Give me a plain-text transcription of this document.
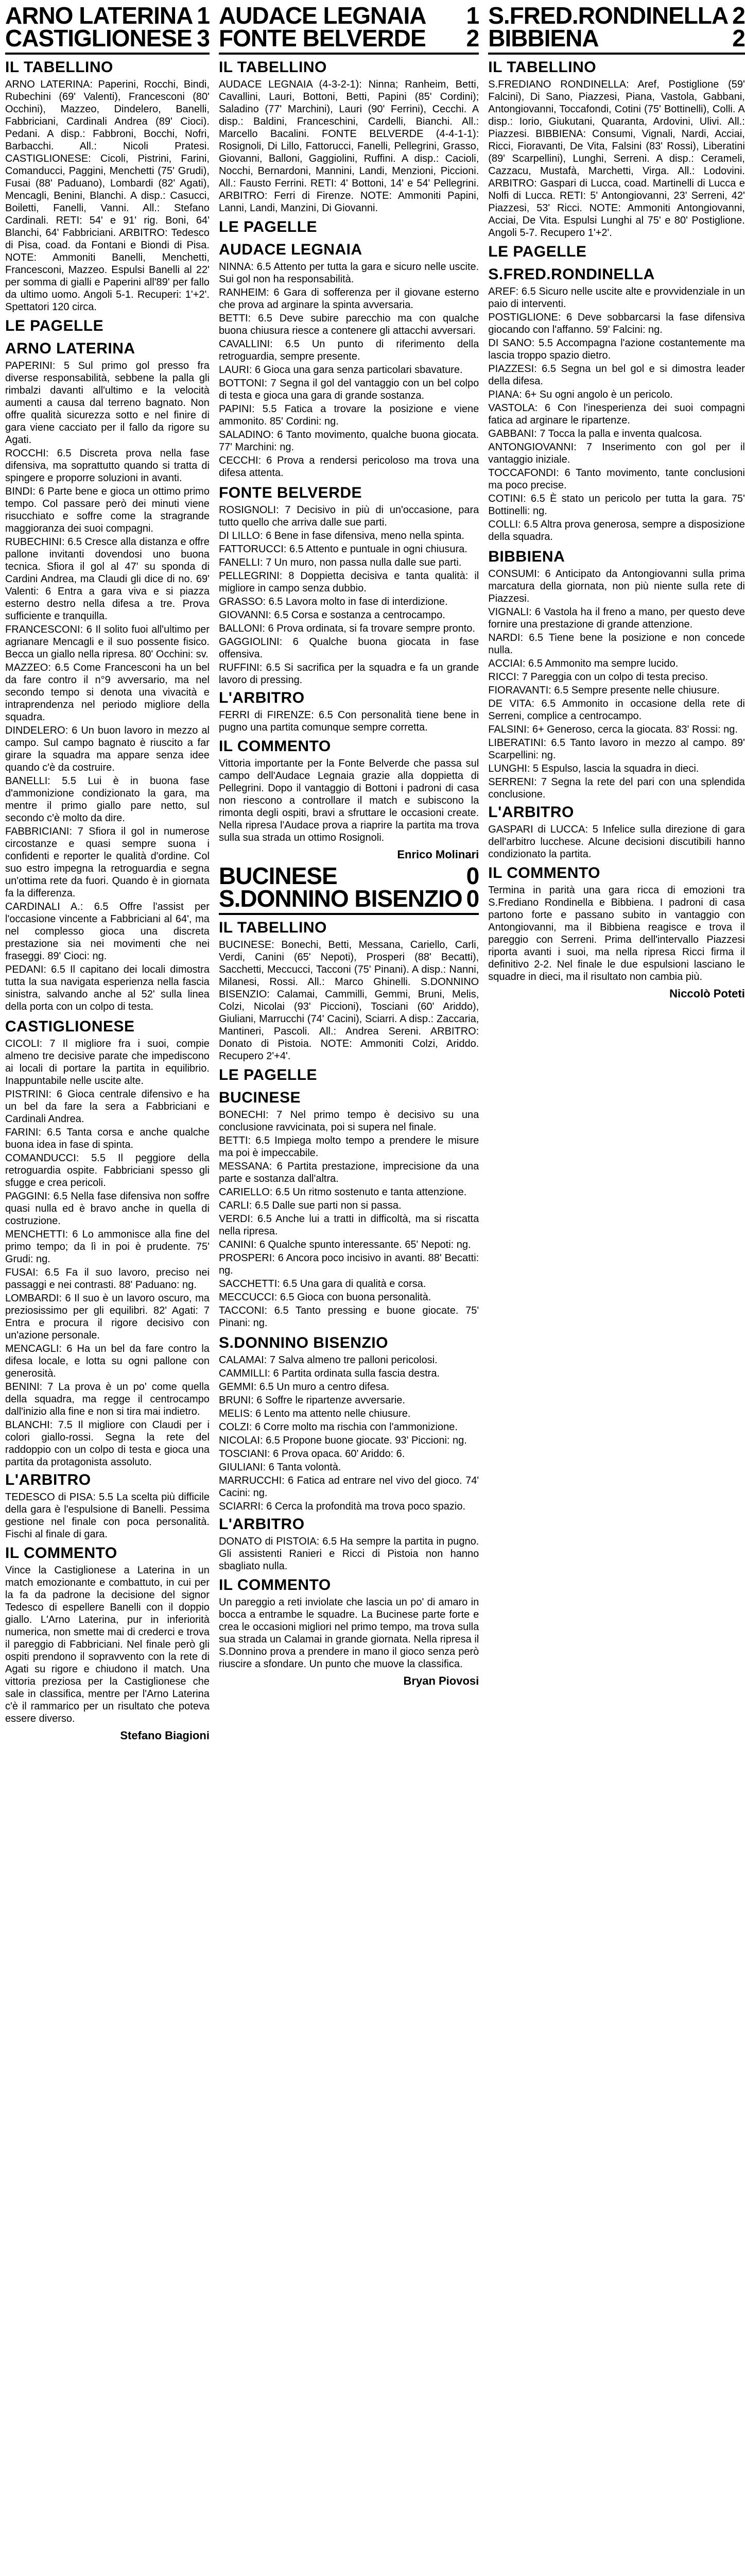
ARNO LATERINA 1
CASTIGLIONESE 3
IL TABELLINO

ARNO LATERINA: Paperini, Rocchi, Bindi, Rubechini (69' Valenti), Francesconi (80' Occhini), Mazzeo, Dindelero, Banelli, Fabbriciani, Cardinali Andrea (89' Cioci). Pedani. A disp.: Fabbroni, Bocchi, Nofri, Barbacchi. All.: Nicoli Pratesi. CASTIGLIONESE: Cicoli, Pistrini, Farini, Comanducci, Paggini, Menchetti (75' Grudi), Fusai (88' Paduano), Lombardi (82' Agati), Mencagli, Benini, Blanchi. A disp.: Casucci, Boiletti, Fanelli, Vanni. All.: Stefano Cardinali. RETI: 54' e 91' rig. Boni, 64' Blanchi, 64' Fabbriciani. ARBITRO: Tedesco di Pisa, coad. da Fontani e Biondi di Pisa. NOTE: Ammoniti Banelli, Menchetti, Francesconi, Mazzeo. Espulsi Banelli al 22' per somma di gialli e Paperini all'89' per fallo da ultimo uomo. Angoli 5-1. Recuperi: 1'+2'. Spettatori 120 circa.

LE PAGELLE
ARNO LATERINA

PAPERINI: 5 Sul primo gol presso fra diverse responsabilità, sebbene la palla gli rimbalzi davanti all'ultimo e la velocità aumenti a causa dal terreno bagnato. Non offre qualità sicurezza sotto e nel finire di gara viene cacciato per il fallo da rigore su Agati.

ROCCHI: 6.5 Discreta prova nella fase difensiva, ma soprattutto quando si tratta di spingere e proporre soluzioni in avanti.

BINDI: 6 Parte bene e gioca un ottimo primo tempo. Col passare però dei minuti viene risucchiato e soffre come la stragrande maggioranza dei suoi compagni.

RUBECHINI: 6.5 Cresce alla distanza e offre pallone invitanti dovendosi uno buona tecnica. Sfiora il gol al 47' su sponda di Cardini Andrea, ma Claudi gli dice di no. 69' Valenti: 6 Entra a gara viva e si piazza esterno destro nella difesa a tre. Prova sufficiente e tranquilla.

FRANCESCONI: 6 Il solito fuoi all'ultimo per agrianare Mencagli e il suo possente fisico. Becca un giallo nella ripresa. 80' Occhini: sv.

MAZZEO: 6.5 Come Francesconi ha un bel da fare contro il n°9 avversario, ma nel secondo tempo si denota una vivacità e intraprendenza nel periodo migliore della squadra.

DINDELERO: 6 Un buon lavoro in mezzo al campo. Sul campo bagnato è riuscito a far girare la squadra ma appare senza idee quando c'è da costruire.

BANELLI: 5.5 Lui è in buona fase d'ammonizione condizionato la gara, ma mentre il primo giallo pare netto, sul secondo c'è molto da dire.

FABBRICIANI: 7 Sfiora il gol in numerose circostanze e quasi sempre suona i confidenti e reporter le qualità d'ordine. Col suo estro impegna la retroguardia e segna un'ottima rete da fuori. Quando è in giornata fa la differenza.

CARDINALI A.: 6.5 Offre l'assist per l'occasione vincente a Fabbriciani al 64', ma nel complesso gioca una discreta prestazione sia nei movimenti che nei fraseggi. 89' Cioci: ng.

PEDANI: 6.5 Il capitano dei locali dimostra tutta la sua navigata esperienza nella fascia sinistra, salvando anche al 52' sulla linea della porta con un colpo di testa.

CASTIGLIONESE

CICOLI: 7 Il migliore fra i suoi, compie almeno tre decisive parate che impediscono ai locali di portare la partita in equilibrio. Inappuntabile nelle uscite alte.

PISTRINI: 6 Gioca centrale difensivo e ha un bel da fare la sera a Fabbriciani e Cardinali Andrea.

FARINI: 6.5 Tanta corsa e anche qualche buona idea in fase di spinta.

COMANDUCCI: 5.5 Il peggiore della retroguardia ospite. Fabbriciani spesso gli sfugge e crea pericoli.

PAGGINI: 6.5 Nella fase difensiva non soffre quasi nulla ed è bravo anche in quella di costruzione.

MENCHETTI: 6 Lo ammonisce alla fine del primo tempo; da lì in poi è prudente. 75' Grudi: ng.

FUSAI: 6.5 Fa il suo lavoro, preciso nei passaggi e nei contrasti. 88' Paduano: ng.

LOMBARDI: 6 Il suo è un lavoro oscuro, ma preziosissimo per gli equilibri. 82' Agati: 7 Entra e procura il rigore decisivo con un'azione personale.

MENCAGLI: 6 Ha un bel da fare contro la difesa locale, e lotta su ogni pallone con generosità.

BENINI: 7 La prova è un po' come quella della squadra, ma regge il centrocampo dall'inizio alla fine e non si tira mai indietro.

BLANCHI: 7.5 Il migliore con Claudi per i colori giallo-rossi. Segna la rete del raddoppio con un colpo di testa e gioca una partita da protagonista assoluto.

L'ARBITRO

TEDESCO di PISA: 5.5 La scelta più difficile della gara è l'espulsione di Banelli. Pessima gestione nel finale con poca personalità. Fischi al finale di gara.

IL COMMENTO

Vince la Castiglionese a Laterina in un match emozionante e combattuto, in cui per la fa da padrone la decisione del signor Tedesco di espellere Banelli con il doppio giallo. L'Arno Laterina, pur in inferiorità numerica, non smette mai di crederci e trova il pareggio di Fabbriciani. Nel finale però gli ospiti prendono il sopravvento con la rete di Agati su rigore e chiudono il match. Una vittoria preziosa per la Castiglionese che sale in classifica, mentre per l'Arno Laterina c'è il rammarico per un risultato che poteva essere diverso.

Stefano Biagioni
AUDACE LEGNAIA 1
FONTE BELVERDE 2
IL TABELLINO

AUDACE LEGNAIA (4-3-2-1): Ninna; Ranheim, Betti, Cavallini, Lauri, Bottoni, Betti, Papini (85' Cordini); Saladino (77' Marchini), Lauri (90' Ferrini), Cecchi. A disp.: Baldini, Franceschini, Cardelli, Bianchi. All.: Marcello Bacalini. FONTE BELVERDE (4-4-1-1): Rosignoli, Di Lillo, Fattorucci, Fanelli, Pellegrini, Grasso, Giovanni, Balloni, Gaggiolini, Ruffini. A disp.: Cacioli, Nocchi, Bernardoni, Mannini, Landi, Menzioni, Piccioni. All.: Fausto Ferrini. RETI: 4' Bottoni, 14' e 54' Pellegrini. ARBITRO: Ferri di Firenze. NOTE: Ammoniti Papini, Lanni, Landi, Manzini, Di Giovanni.

LE PAGELLE
AUDACE LEGNAIA

NINNA: 6.5 Attento per tutta la gara e sicuro nelle uscite. Sui gol non ha responsabilità.

RANHEIM: 6 Gara di sofferenza per il giovane esterno che prova ad arginare la spinta avversaria.

BETTI: 6.5 Deve subire parecchio ma con qualche buona chiusura riesce a contenere gli attacchi avversari.

CAVALLINI: 6.5 Un punto di riferimento della retroguardia, sempre presente.

LAURI: 6 Gioca una gara senza particolari sbavature.

BOTTONI: 7 Segna il gol del vantaggio con un bel colpo di testa e gioca una gara di grande sostanza.

PAPINI: 5.5 Fatica a trovare la posizione e viene ammonito. 85' Cordini: ng.

SALADINO: 6 Tanto movimento, qualche buona giocata. 77' Marchini: ng.

CECCHI: 6 Prova a rendersi pericoloso ma trova una difesa attenta.

FONTE BELVERDE

ROSIGNOLI: 7 Decisivo in più di un'occasione, para tutto quello che arriva dalle sue parti.

DI LILLO: 6 Bene in fase difensiva, meno nella spinta.

FATTORUCCI: 6.5 Attento e puntuale in ogni chiusura.

FANELLI: 7 Un muro, non passa nulla dalle sue parti.

PELLEGRINI: 8 Doppietta decisiva e tanta qualità: il migliore in campo senza dubbio.

GRASSO: 6.5 Lavora molto in fase di interdizione.

GIOVANNI: 6.5 Corsa e sostanza a centrocampo.

BALLONI: 6 Prova ordinata, si fa trovare sempre pronto.

GAGGIOLINI: 6 Qualche buona giocata in fase offensiva.

RUFFINI: 6.5 Si sacrifica per la squadra e fa un grande lavoro di pressing.

L'ARBITRO

FERRI di FIRENZE: 6.5 Con personalità tiene bene in pugno una partita comunque sempre corretta.

IL COMMENTO

Vittoria importante per la Fonte Belverde che passa sul campo dell'Audace Legnaia grazie alla doppietta di Pellegrini. Dopo il vantaggio di Bottoni i padroni di casa non riescono a controllare il match e subiscono la rimonta degli ospiti, bravi a sfruttare le occasioni create. Nella ripresa l'Audace prova a riaprire la partita ma trova sulla sua strada un ottimo Rosignoli.

Enrico Molinari
BUCINESE	0
S.DONNINO BISENZIO 0
IL TABELLINO

BUCINESE: Bonechi, Betti, Messana, Cariello, Carli, Verdi, Canini (65' Nepoti), Prosperi (88' Becatti), Sacchetti, Meccucci, Tacconi (75' Pinani). A disp.: Nanni, Milanesi, Rossi. All.: Marco Ghinelli. S.DONNINO BISENZIO: Calamai, Cammilli, Gemmi, Bruni, Melis, Colzi, Nicolai (93' Piccioni), Tosciani (60' Ariddo), Giuliani, Marrucchi (74' Cacini), Sciarri. A disp.: Zaccaria, Mantineri, Pascoli. All.: Andrea Sereni. ARBITRO: Donato di Pistoia. NOTE: Ammoniti Colzi, Ariddo. Recupero 2'+4'.

LE PAGELLE
BUCINESE

BONECHI: 7 Nel primo tempo è decisivo su una conclusione ravvicinata, poi si supera nel finale.

BETTI: 6.5 Impiega molto tempo a prendere le misure ma poi è impeccabile.

MESSANA: 6 Partita prestazione, imprecisione da una parte e sostanza dall'altra.

CARIELLO: 6.5 Un ritmo sostenuto e tanta attenzione.

CARLI: 6.5 Dalle sue parti non si passa.

VERDI: 6.5 Anche lui a tratti in difficoltà, ma si riscatta nella ripresa.

CANINI: 6 Qualche spunto interessante. 65' Nepoti: ng.

PROSPERI: 6 Ancora poco incisivo in avanti. 88' Becatti: ng.

SACCHETTI: 6.5 Una gara di qualità e corsa.

MECCUCCI: 6.5 Gioca con buona personalità.

TACCONI: 6.5 Tanto pressing e buone giocate. 75' Pinani: ng.

S.DONNINO BISENZIO

CALAMAI: 7 Salva almeno tre palloni pericolosi.

CAMMILLI: 6 Partita ordinata sulla fascia destra.

GEMMI: 6.5 Un muro a centro difesa.

BRUNI: 6 Soffre le ripartenze avversarie.

MELIS: 6 Lento ma attento nelle chiusure.

COLZI: 6 Corre molto ma rischia con l'ammonizione.

NICOLAI: 6.5 Propone buone giocate. 93' Piccioni: ng.

TOSCIANI: 6 Prova opaca. 60' Ariddo: 6.

GIULIANI: 6 Tanta volontà.

MARRUCCHI: 6 Fatica ad entrare nel vivo del gioco. 74' Cacini: ng.

SCIARRI: 6 Cerca la profondità ma trova poco spazio.

L'ARBITRO

DONATO di PISTOIA: 6.5 Ha sempre la partita in pugno. Gli assistenti Ranieri e Ricci di Pistoia non hanno sbagliato nulla.

IL COMMENTO

Un pareggio a reti inviolate che lascia un po' di amaro in bocca a entrambe le squadre. La Bucinese parte forte e crea le occasioni migliori nel primo tempo, ma trova sulla sua strada un Calamai in grande giornata. Nella ripresa il S.Donnino prova a prendere in mano il gioco senza però riuscire a sfondare. Un punto che muove la classifica.

Bryan Piovosi
S.FRED.RONDINELLA 2
BIBBIENA	2
IL TABELLINO

S.FREDIANO RONDINELLA: Aref, Postiglione (59' Falcini), Di Sano, Piazzesi, Piana, Vastola, Gabbani, Antongiovanni, Toccafondi, Cotini (75' Bottinelli), Colli. A disp.: Iorio, Giukutani, Quaranta, Ardovini, Ulivi. All.: Piazzesi. BIBBIENA: Consumi, Vignali, Nardi, Acciai, Ricci, Fioravanti, De Vita, Falsini (83' Rossi), Liberatini (89' Scarpellini), Lunghi, Serreni. A disp.: Cerameli, Cazzacu, Mustafà, Marchetti, Virga. All.: Lodovini. ARBITRO: Gaspari di Lucca, coad. Martinelli di Lucca e Nolfi di Lucca. RETI: 5' Antongiovanni, 23' Serreni, 42' Piazzesi, 53' Ricci. NOTE: Ammoniti Antongiovanni, Acciai, De Vita. Espulsi Lunghi al 75' e 80' Postiglione. Angoli 5-7. Recupero 1'+2'.

LE PAGELLE
S.FRED.RONDINELLA

AREF: 6.5 Sicuro nelle uscite alte e provvidenziale in un paio di interventi.

POSTIGLIONE: 6 Deve sobbarcarsi la fase difensiva giocando con l'affanno. 59' Falcini: ng.

DI SANO: 5.5 Accompagna l'azione costantemente ma lascia troppo spazio dietro.

PIAZZESI: 6.5 Segna un bel gol e si dimostra leader della difesa.

PIANA: 6+ Su ogni angolo è un pericolo.

VASTOLA: 6 Con l'inesperienza dei suoi compagni fatica ad arginare le ripartenze.

GABBANI: 7 Tocca la palla e inventa qualcosa.

ANTONGIOVANNI: 7 Inserimento con gol per il vantaggio iniziale.

TOCCAFONDI: 6 Tanto movimento, tante conclusioni ma poco precise.

COTINI: 6.5 È stato un pericolo per tutta la gara. 75' Bottinelli: ng.

COLLI: 6.5 Altra prova generosa, sempre a disposizione della squadra.

BIBBIENA

CONSUMI: 6 Anticipato da Antongiovanni sulla prima marcatura della giornata, non più niente sulla rete di Piazzesi.

VIGNALI: 6 Vastola ha il freno a mano, per questo deve fornire una prestazione di grande attenzione.

NARDI: 6.5 Tiene bene la posizione e non concede nulla.

ACCIAI: 6.5 Ammonito ma sempre lucido.

RICCI: 7 Pareggia con un colpo di testa preciso.

FIORAVANTI: 6.5 Sempre presente nelle chiusure.

DE VITA: 6.5 Ammonito in occasione della rete di Serreni, complice a centrocampo.

FALSINI: 6+ Generoso, cerca la giocata. 83' Rossi: ng.

LIBERATINI: 6.5 Tanto lavoro in mezzo al campo. 89' Scarpellini: ng.

LUNGHI: 5 Espulso, lascia la squadra in dieci.

SERRENI: 7 Segna la rete del pari con una splendida conclusione.

L'ARBITRO

GASPARI di LUCCA: 5 Infelice sulla direzione di gara dell'arbitro lucchese. Alcune decisioni discutibili hanno condizionato la partita.

IL COMMENTO

Termina in parità una gara ricca di emozioni tra S.Frediano Rondinella e Bibbiena. I padroni di casa partono forte e passano subito in vantaggio con Antongiovanni, ma il Bibbiena reagisce e trova il pareggio con Serreni. Prima dell'intervallo Piazzesi riporta avanti i suoi, ma nella ripresa Ricci firma il definitivo 2-2. Nel finale le due espulsioni lasciano le squadre in dieci, ma il risultato non cambia più.

Niccolò Poteti
